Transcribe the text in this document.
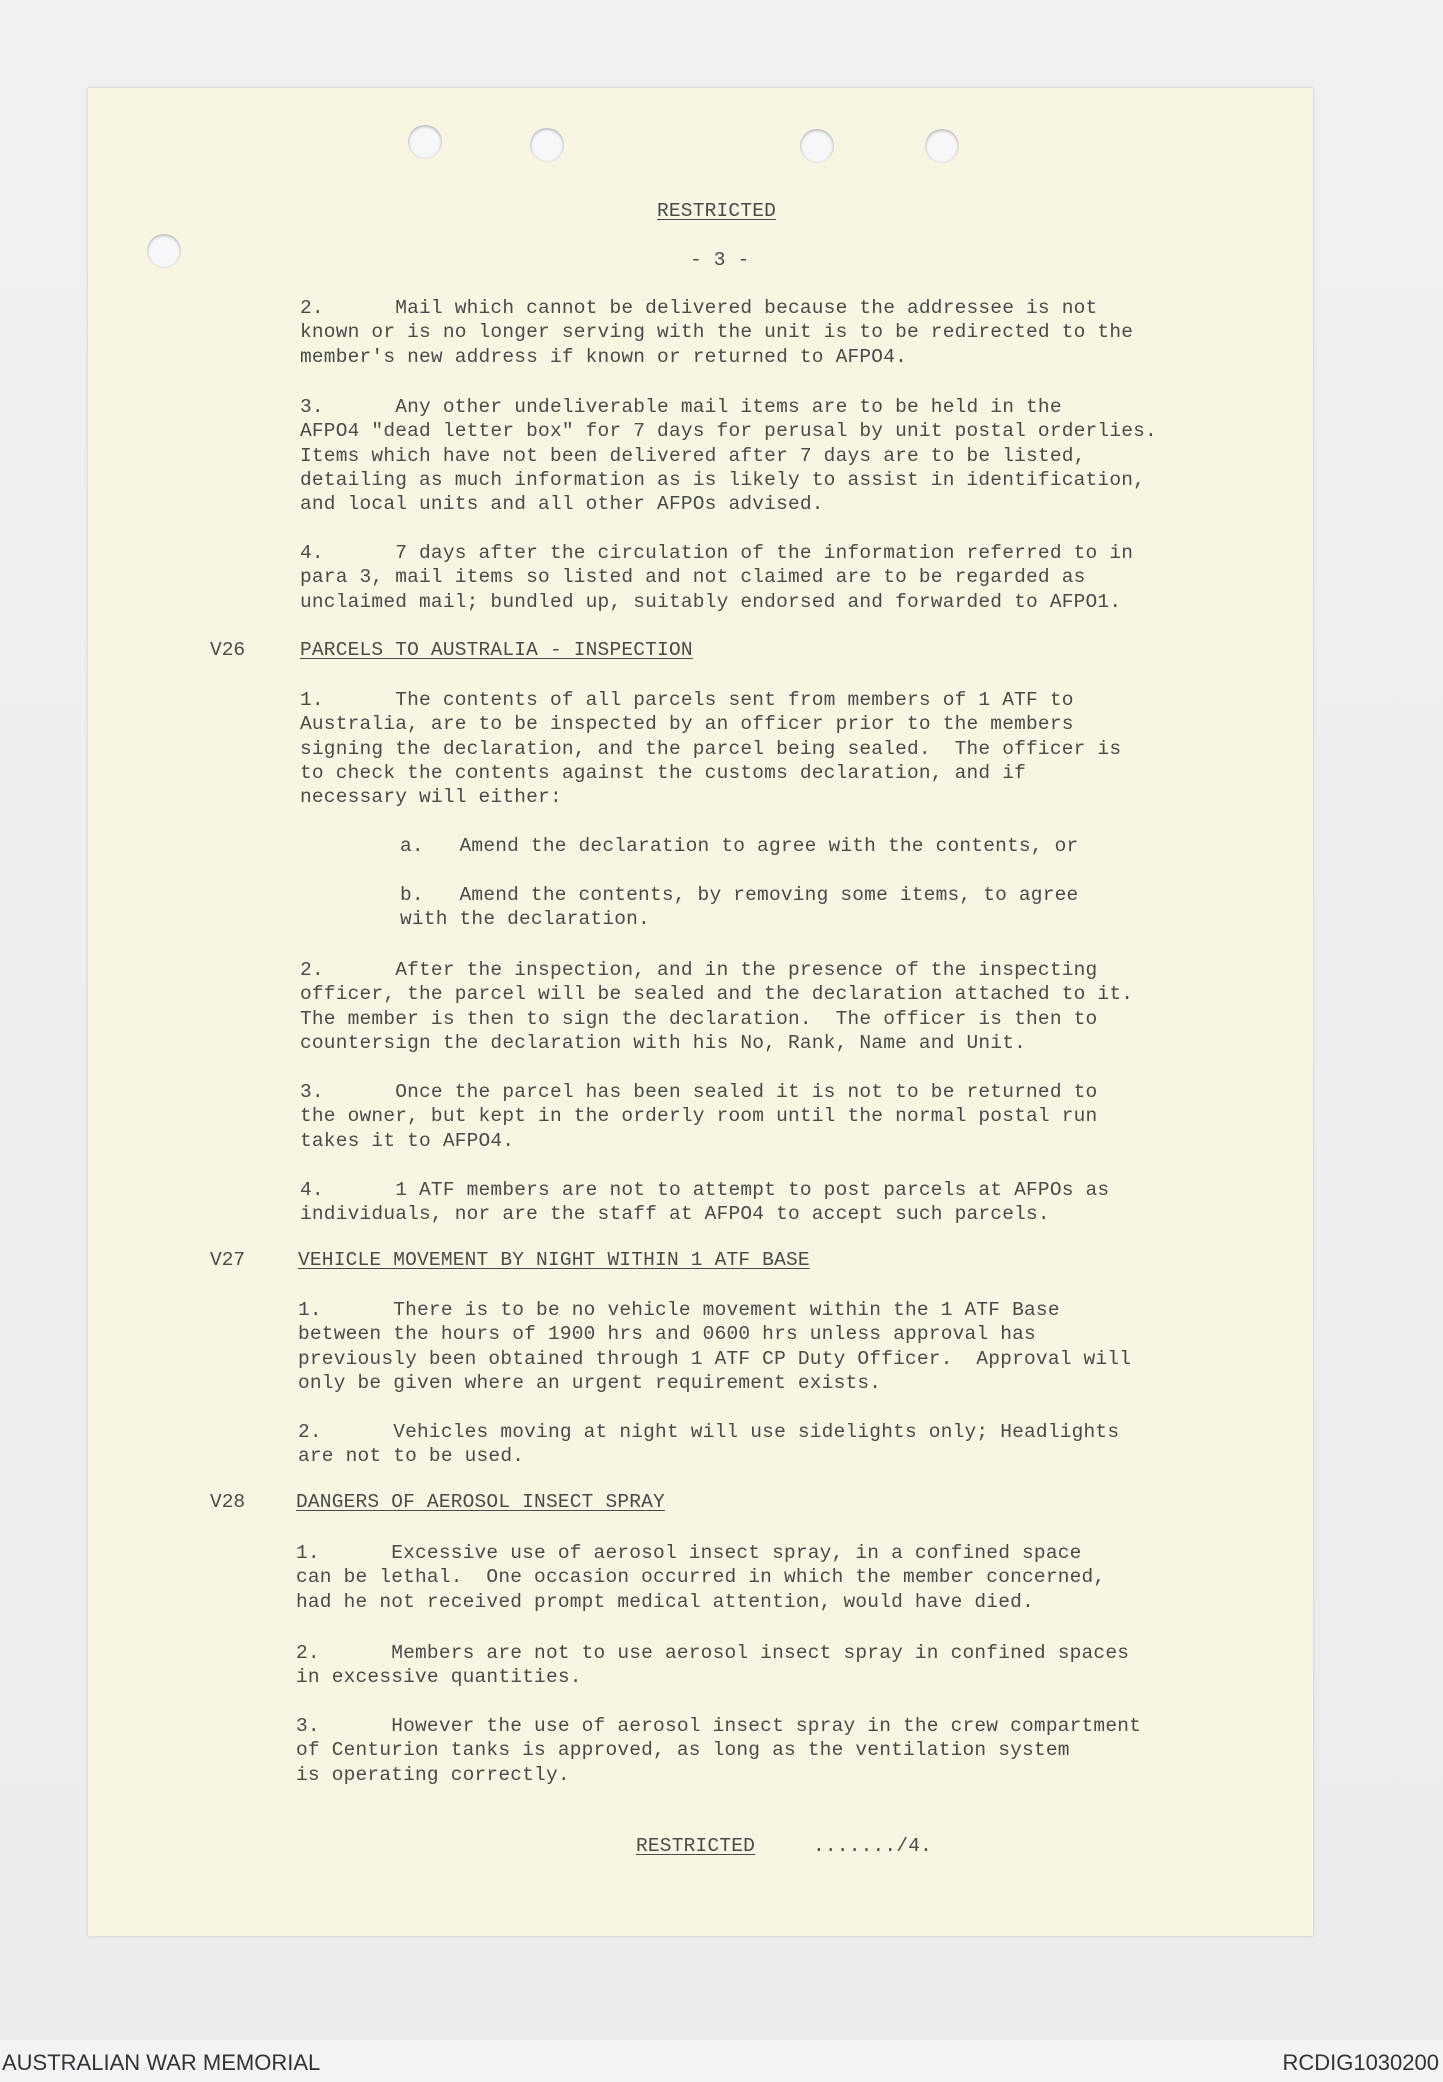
RESTRICTED
- 3 -
2.      Mail which cannot be delivered because the addressee is not
known or is no longer serving with the unit is to be redirected to the
member's new address if known or returned to AFPO4.
3.      Any other undeliverable mail items are to be held in the
AFPO4 "dead letter box" for 7 days for perusal by unit postal orderlies.
Items which have not been delivered after 7 days are to be listed,
detailing as much information as is likely to assist in identification,
and local units and all other AFPOs advised.
4.      7 days after the circulation of the information referred to in
para 3, mail items so listed and not claimed are to be regarded as
unclaimed mail; bundled up, suitably endorsed and forwarded to AFPO1.
V26	PARCELS TO AUSTRALIA - INSPECTION
1.      The contents of all parcels sent from members of 1 ATF to
Australia, are to be inspected by an officer prior to the members
signing the declaration, and the parcel being sealed.  The officer is
to check the contents against the customs declaration, and if
necessary will either:
a.   Amend the declaration to agree with the contents, or
b.   Amend the contents, by removing some items, to agree
with the declaration.
2.      After the inspection, and in the presence of the inspecting
officer, the parcel will be sealed and the declaration attached to it.
The member is then to sign the declaration.  The officer is then to
countersign the declaration with his No, Rank, Name and Unit.
3.      Once the parcel has been sealed it is not to be returned to
the owner, but kept in the orderly room until the normal postal run
takes it to AFPO4.
4.      1 ATF members are not to attempt to post parcels at AFPOs as
individuals, nor are the staff at AFPO4 to accept such parcels.
V27	VEHICLE MOVEMENT BY NIGHT WITHIN 1 ATF BASE
1.      There is to be no vehicle movement within the 1 ATF Base
between the hours of 1900 hrs and 0600 hrs unless approval has
previously been obtained through 1 ATF CP Duty Officer.  Approval will
only be given where an urgent requirement exists.
2.      Vehicles moving at night will use sidelights only; Headlights
are not to be used.
V28	DANGERS OF AEROSOL INSECT SPRAY
1.      Excessive use of aerosol insect spray, in a confined space
can be lethal.  One occasion occurred in which the member concerned,
had he not received prompt medical attention, would have died.
2.      Members are not to use aerosol insect spray in confined spaces
in excessive quantities.
3.      However the use of aerosol insect spray in the crew compartment
of Centurion tanks is approved, as long as the ventilation system
is operating correctly.
RESTRICTED	......./4.
AUSTRALIAN WAR MEMORIAL	RCDIG1030200
